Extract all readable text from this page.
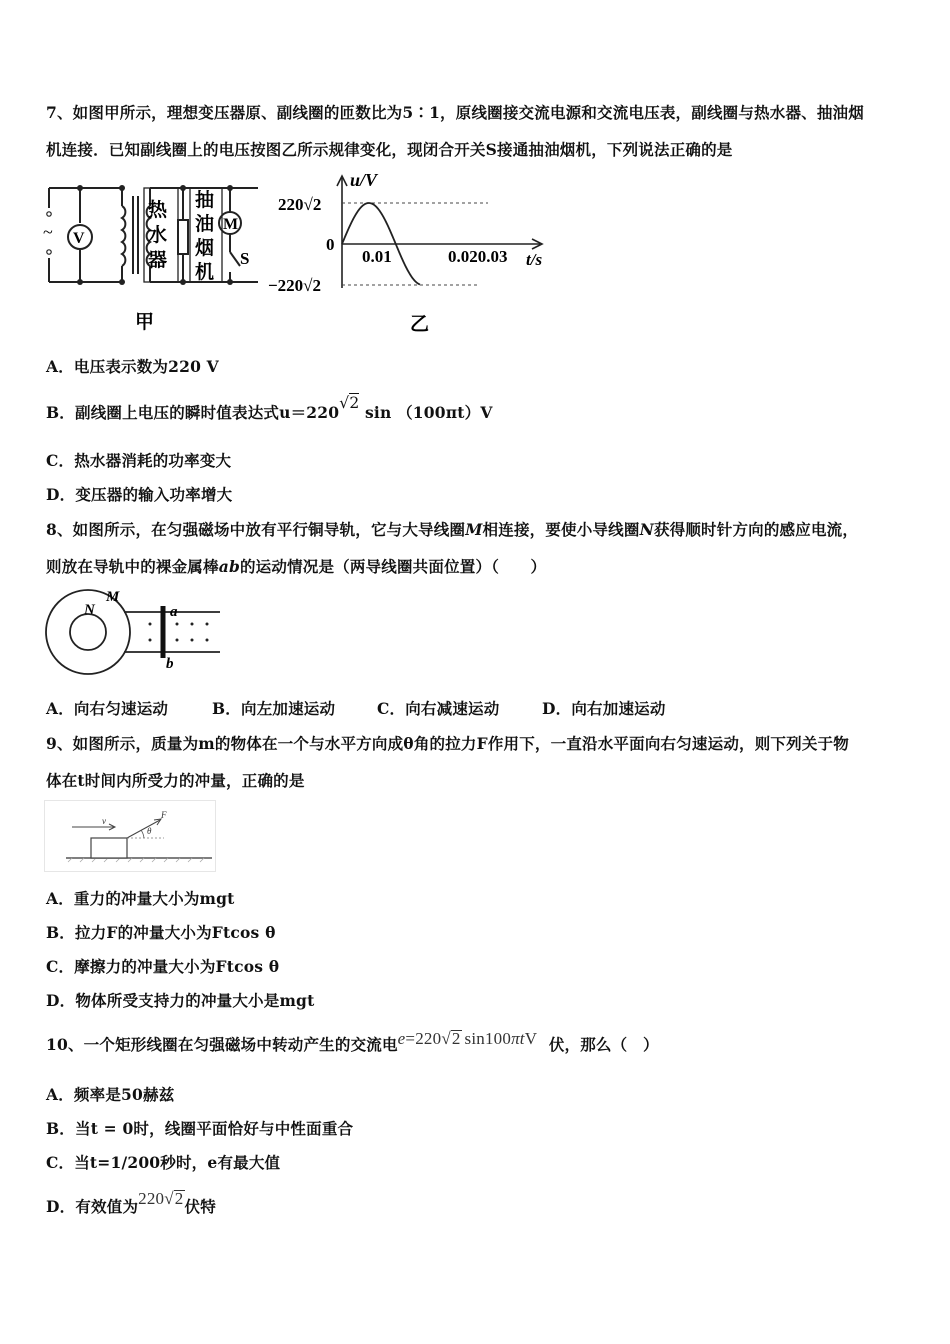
7、如图甲所示，理想变压器原、副线圈的匝数比为5∶1，原线圈接交流电源和交流电压表，副线圈与热水器、抽油烟
机连接．已知副线圈上的电压按图乙所示规律变化，现闭合开关S接通抽油烟机，下列说法正确的是
~ V
热
水
器
抽
油
烟
机
M
S
甲
u/V
t/s
220√2
−220√2
0
0.01	0.020.03
乙
A．电压表示数为220 V
B．副线圈上电压的瞬时值表达式u＝220√2 sin （100πt）V
C．热水器消耗的功率变大
D．变压器的输入功率增大
8、如图所示，在匀强磁场中放有平行铜导轨，它与大导线圈M相连接，要使小导线圈N获得顺时针方向的感应电流，
则放在导轨中的裸金属棒ab的运动情况是（两导线圈共面位置）（　　）
N
M
a
b
A．向右匀速运动	B．向左加速运动	C．向右减速运动	D．向右加速运动
9、如图所示，质量为m的物体在一个与水平方向成θ角的拉力F作用下，一直沿水平面向右匀速运动，则下列关于物
体在t时间内所受力的冲量，正确的是
v
F
θ
A．重力的冲量大小为mgt
B．拉力F的冲量大小为Ftcos θ
C．摩擦力的冲量大小为Ftcos θ
D．物体所受支持力的冲量大小是mgt
10、一个矩形线圈在匀强磁场中转动产生的交流电e=220√2 sin100πtV 伏，那么（　）
A．频率是50赫兹
B．当t = 0时，线圈平面恰好与中性面重合
C．当t=1/200秒时，e有最大值
D．有效值为220√2伏特
